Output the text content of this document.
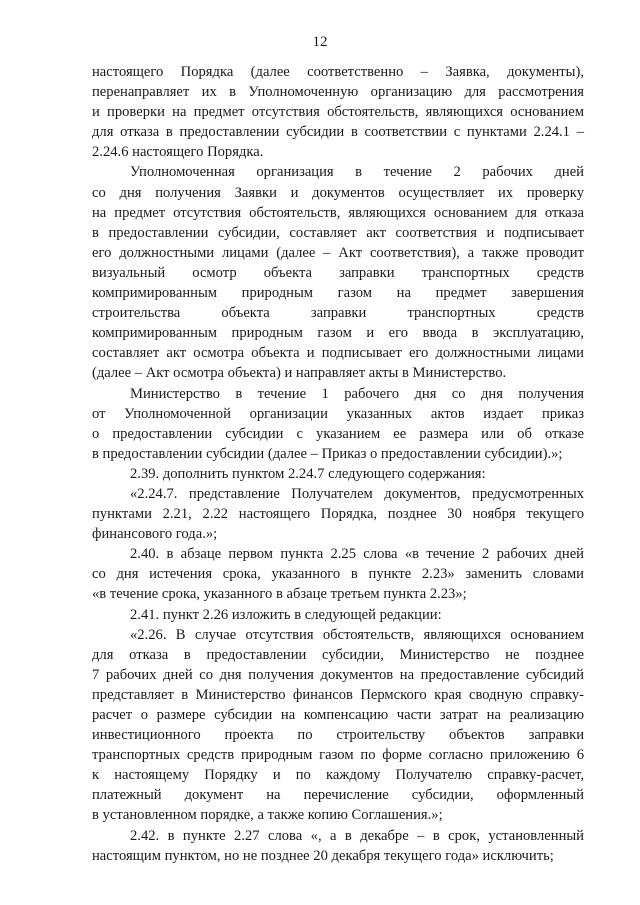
12
настоящего Порядка (далее соответственно – Заявка, документы),
перенаправляет их в Уполномоченную организацию для рассмотрения
и проверки на предмет отсутствия обстоятельств, являющихся основанием
для отказа в предоставлении субсидии в соответствии с пунктами 2.24.1 –
2.24.6 настоящего Порядка.
Уполномоченная организация в течение 2 рабочих дней
со дня получения Заявки и документов осуществляет их проверку
на предмет отсутствия обстоятельств, являющихся основанием для отказа
в предоставлении субсидии, составляет акт соответствия и подписывает
его должностными лицами (далее – Акт соответствия), а также проводит
визуальный осмотр объекта заправки транспортных средств
компримированным природным газом на предмет завершения
строительства объекта заправки транспортных средств
компримированным природным газом и его ввода в эксплуатацию,
составляет акт осмотра объекта и подписывает его должностными лицами
(далее – Акт осмотра объекта) и направляет акты в Министерство.
Министерство в течение 1 рабочего дня со дня получения
от Уполномоченной организации указанных актов издает приказ
о предоставлении субсидии с указанием ее размера или об отказе
в предоставлении субсидии (далее – Приказ о предоставлении субсидии).»;
2.39. дополнить пунктом 2.24.7 следующего содержания:
«2.24.7. представление Получателем документов, предусмотренных
пунктами 2.21, 2.22 настоящего Порядка, позднее 30 ноября текущего
финансового года.»;
2.40. в абзаце первом пункта 2.25 слова «в течение 2 рабочих дней
со дня истечения срока, указанного в пункте 2.23» заменить словами
«в течение срока, указанного в абзаце третьем пункта 2.23»;
2.41. пункт 2.26 изложить в следующей редакции:
«2.26. В случае отсутствия обстоятельств, являющихся основанием
для отказа в предоставлении субсидии, Министерство не позднее
7 рабочих дней со дня получения документов на предоставление субсидий
представляет в Министерство финансов Пермского края сводную справку-
расчет о размере субсидии на компенсацию части затрат на реализацию
инвестиционного проекта по строительству объектов заправки
транспортных средств природным газом по форме согласно приложению 6
к настоящему Порядку и по каждому Получателю справку-расчет,
платежный документ на перечисление субсидии, оформленный
в установленном порядке, а также копию Соглашения.»;
2.42. в пункте 2.27 слова «, а в декабре – в срок, установленный
настоящим пунктом, но не позднее 20 декабря текущего года» исключить;
